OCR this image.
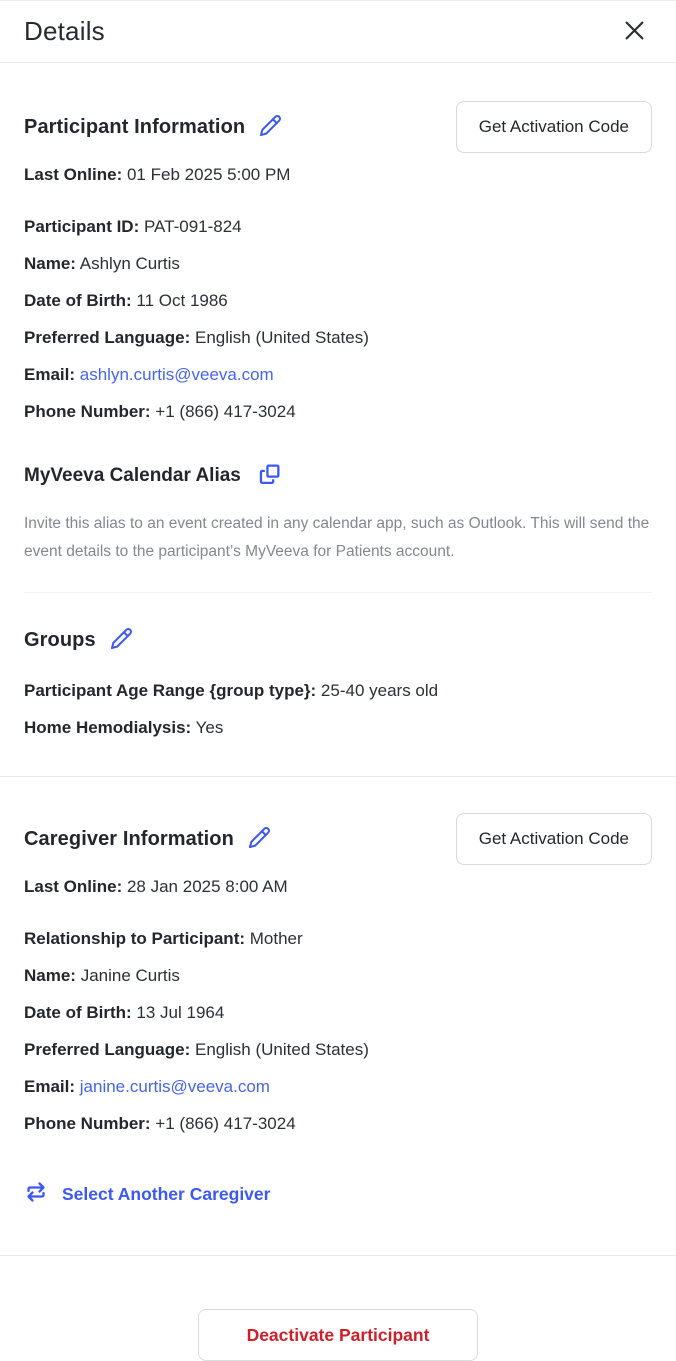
Details
Participant Information	Get Activation Code
Last Online: 01 Feb 2025 5:00 PM
Participant ID: PAT-091-824
Name: Ashlyn Curtis
Date of Birth: 11 Oct 1986
Preferred Language: English (United States)
Email: ashlyn.curtis@veeva.com
Phone Number: +1 (866) 417-3024
MyVeeva Calendar Alias

Invite this alias to an event created in any calendar app, such as Outlook. This will send the event details to the participant’s MyVeeva for Patients account.

Groups
Participant Age Range {group type}: 25-40 years old
Home Hemodialysis: Yes
Caregiver Information	Get Activation Code
Last Online: 28 Jan 2025 8:00 AM
Relationship to Participant: Mother
Name: Janine Curtis
Date of Birth: 13 Jul 1964
Preferred Language: English (United States)
Email: janine.curtis@veeva.com
Phone Number: +1 (866) 417-3024
Select Another Caregiver
Deactivate Participant
